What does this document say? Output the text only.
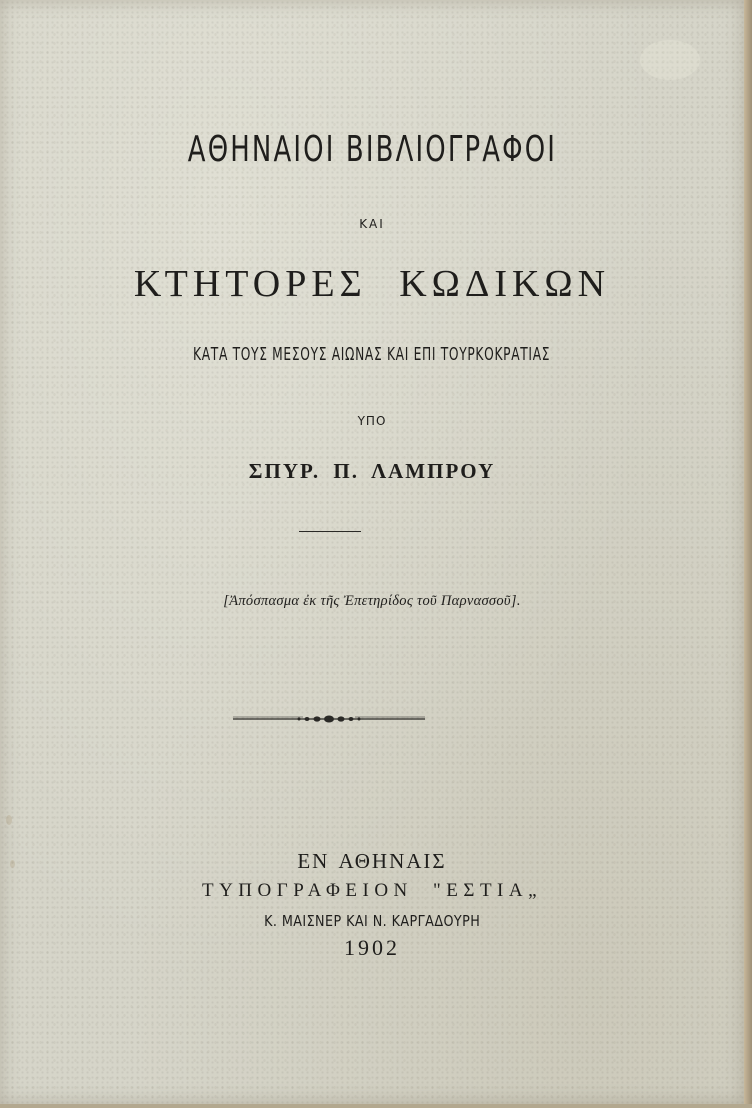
ΑΘΗΝΑΙΟΙ ΒΙΒΛΙΟΓΡΑΦΟΙ
ΚΑΙ
ΚΤΗΤΟΡΕΣ ΚΩΔΙΚΩΝ
ΚΑΤΑ ΤΟΥΣ ΜΕΣΟΥΣ ΑΙΩΝΑΣ ΚΑΙ ΕΠΙ ΤΟΥΡΚΟΚΡΑΤΙΑΣ
ΥΠΟ
ΣΠΥΡ. Π. ΛΑΜΠΡΟΥ
[Ἀπόσπασμα ἐκ τῆς Ἐπετηρίδος τοῦ Παρνασσοῦ].
ΕΝ ΑΘΗΝΑΙΣ
ΤΥΠΟΓΡΑΦΕΙΟΝ "ΕΣΤΙΑ„
Κ. ΜΑΙΣΝΕΡ ΚΑΙ Ν. ΚΑΡΓΑΔΟΥΡΗ
1902
